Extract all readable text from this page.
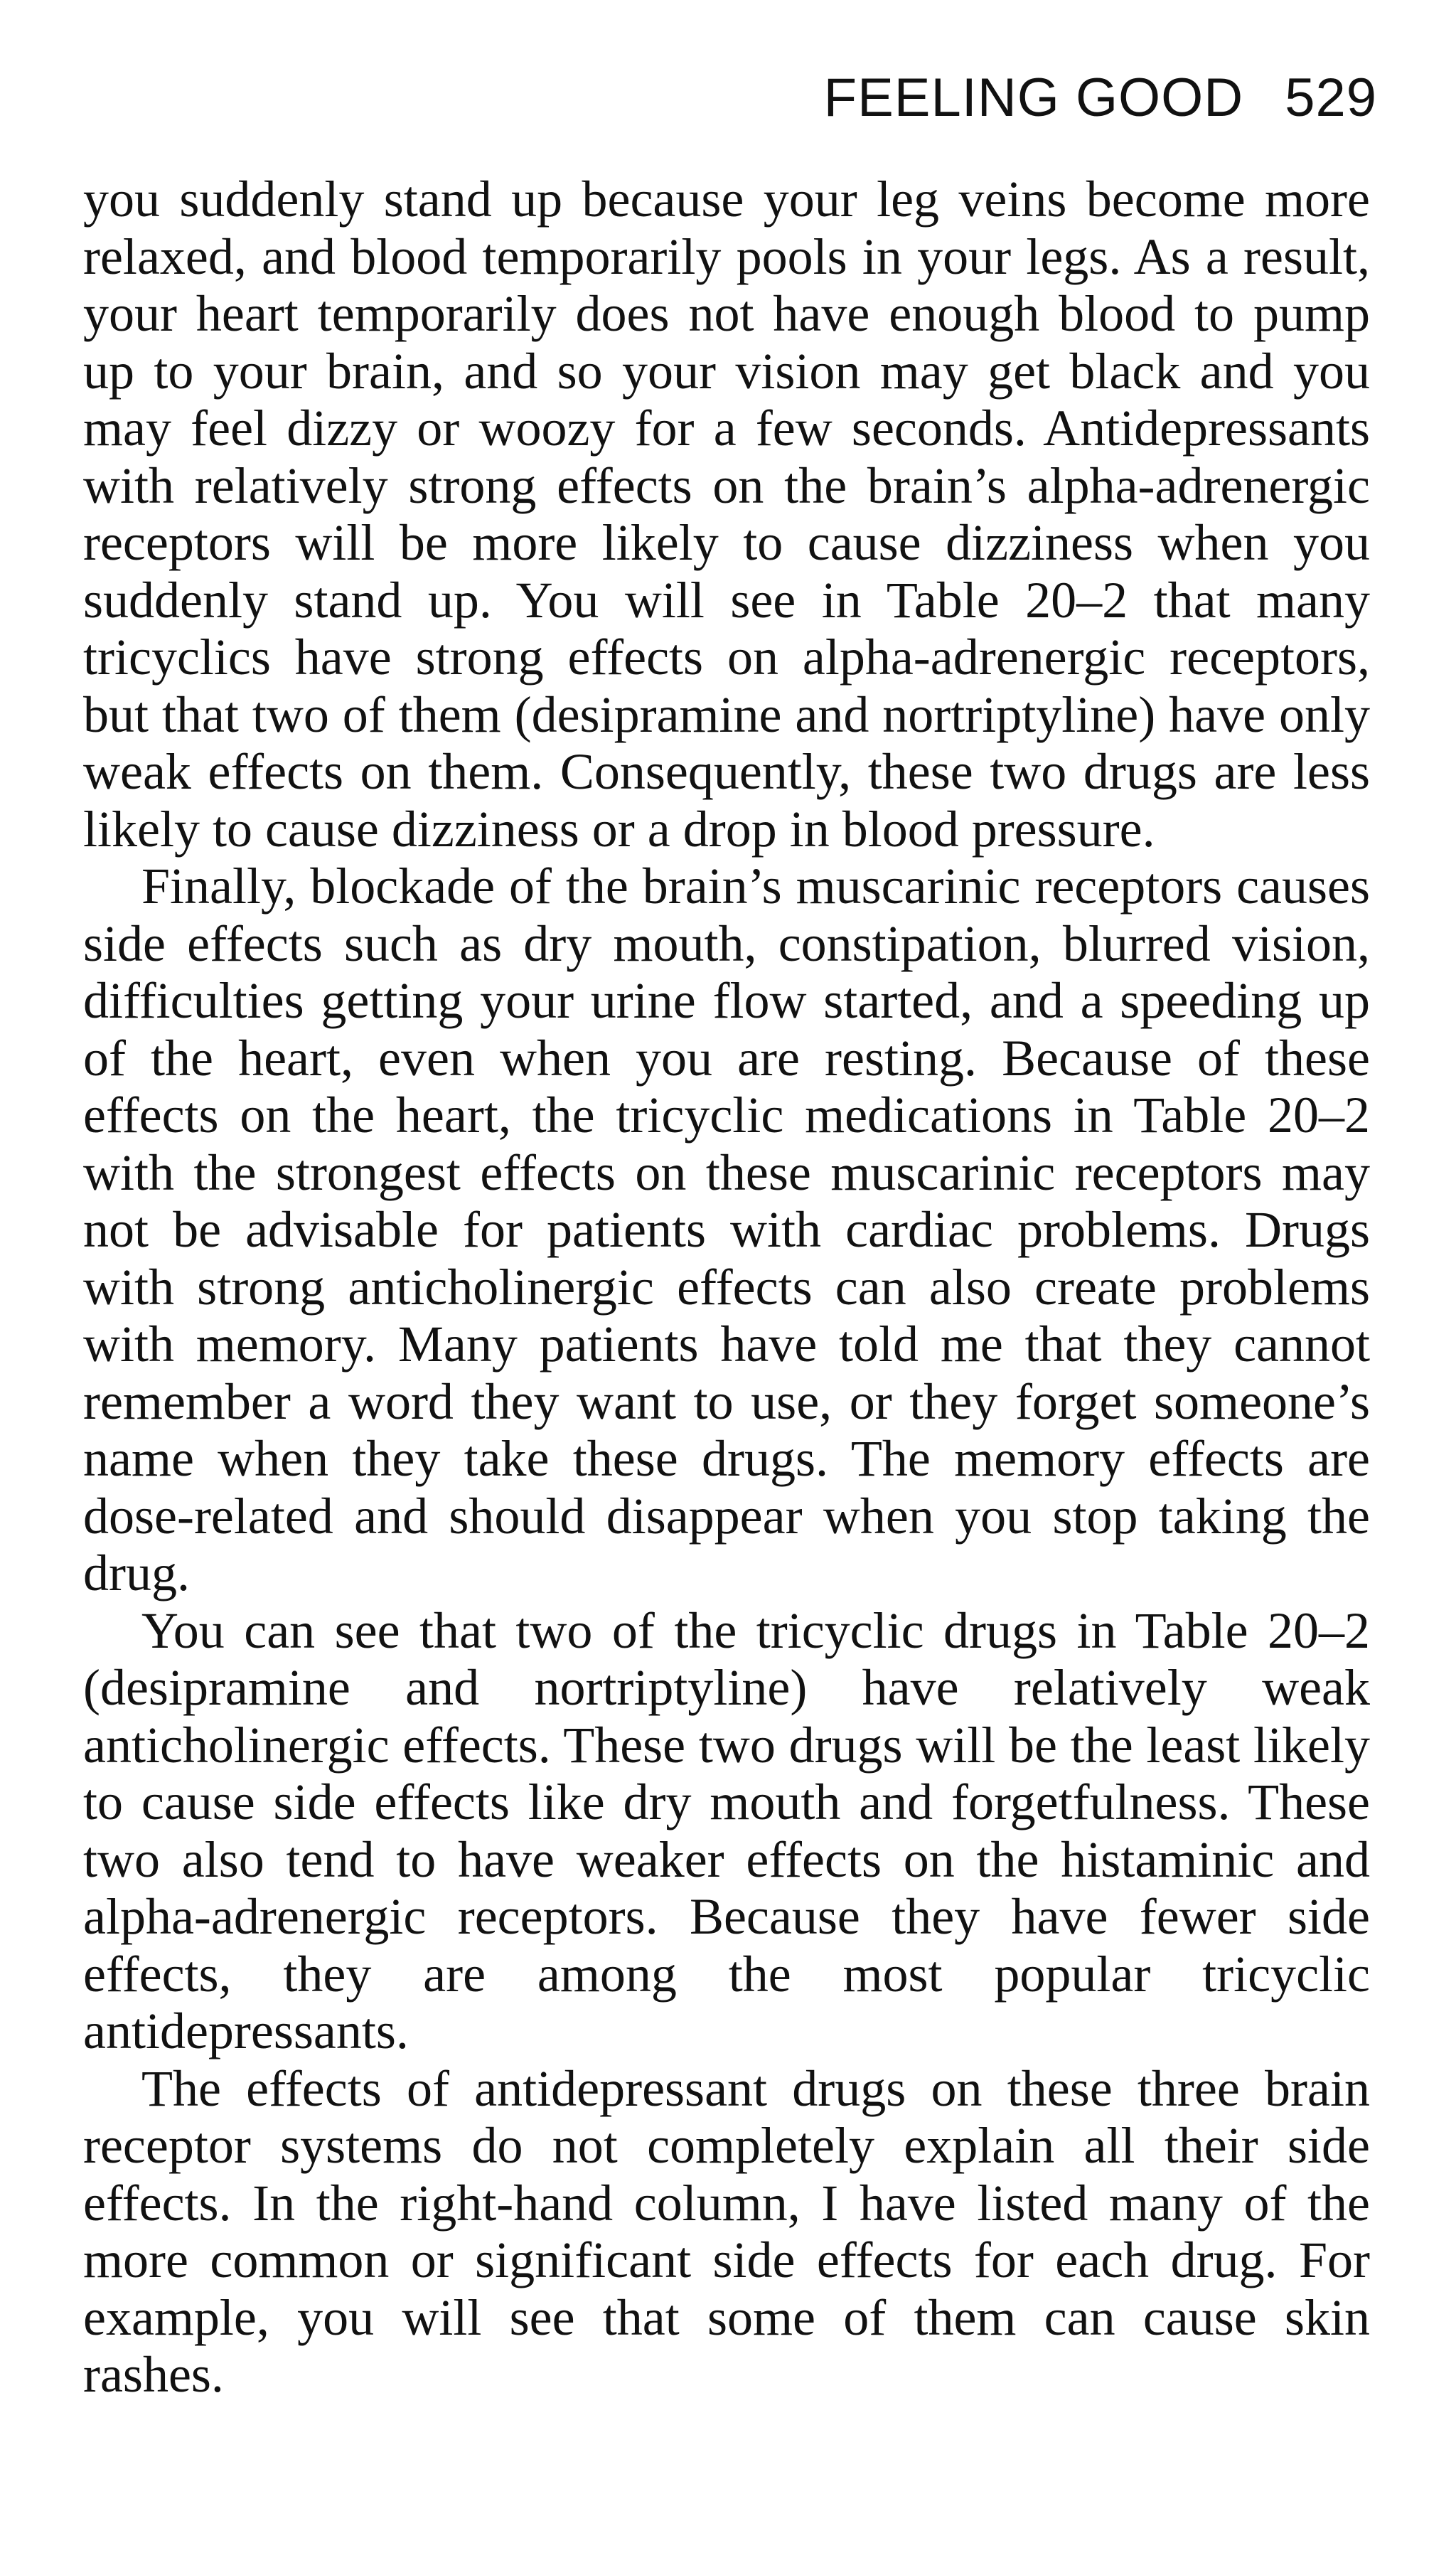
FEELING GOOD 529

you suddenly stand up because your leg veins become more relaxed, and blood temporarily pools in your legs. As a result, your heart temporarily does not have enough blood to pump up to your brain, and so your vision may get black and you may feel dizzy or woozy for a few seconds. Antidepressants with relatively strong effects on the brain’s alpha-adrenergic receptors will be more likely to cause dizziness when you suddenly stand up. You will see in Table 20–2 that many tricyclics have strong effects on alpha-adrenergic receptors, but that two of them (desipramine and nortriptyline) have only weak effects on them. Consequently, these two drugs are less likely to cause dizziness or a drop in blood pressure.

Finally, blockade of the brain’s muscarinic receptors causes side effects such as dry mouth, constipation, blurred vision, difficulties getting your urine flow started, and a speeding up of the heart, even when you are resting. Because of these effects on the heart, the tricyclic medications in Table 20–2 with the strongest effects on these muscarinic receptors may not be advisable for patients with cardiac problems. Drugs with strong anticholinergic effects can also create problems with memory. Many patients have told me that they cannot remember a word they want to use, or they forget someone’s name when they take these drugs. The memory effects are dose-related and should disappear when you stop taking the drug.

You can see that two of the tricyclic drugs in Table 20–2 (desipramine and nortriptyline) have relatively weak anticholinergic effects. These two drugs will be the least likely to cause side effects like dry mouth and forgetfulness. These two also tend to have weaker effects on the histaminic and alpha-adrenergic receptors. Because they have fewer side effects, they are among the most popular tricyclic antidepressants.

The effects of antidepressant drugs on these three brain receptor systems do not completely explain all their side effects. In the right-hand column, I have listed many of the more common or significant side effects for each drug. For example, you will see that some of them can cause skin rashes.
